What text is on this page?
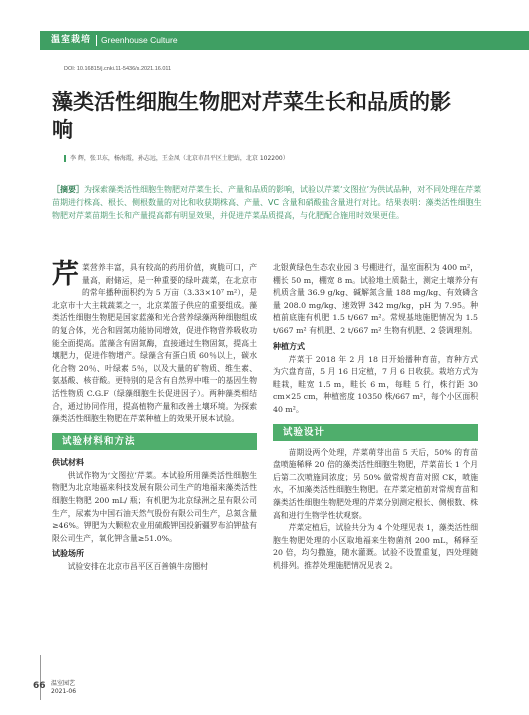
温室栽培 Greenhouse Culture
DOI: 10.16815/j.cnki.11-5436/s.2021.16.011
藻类活性细胞生物肥对芹菜生长和品质的影响
李 辉，张卫东，杨海霞，孙志远，王金凤（北京市昌平区土肥站，北京 102200）

［摘要］为探索藻类活性细胞生物肥对芹菜生长、产量和品质的影响，试验以芹菜‘文图拉’为供试品种，对不同处理在芹菜苗期进行株高、根长、侧根数量的对比和收获期株高、产量、VC 含量和硝酸盐含量进行对比。结果表明：藻类活性细胞生物肥对芹菜苗期生长和产量提高都有明显效果，并促进芹菜品质提高，与化肥配合施用时效果更佳。

芹菜营养丰富，具有较高的药用价值，爽脆可口，产量高，耐储运，是一种重要的绿叶蔬菜，在北京市的常年播种面积约为 5 万亩（3.33×10⁷ m²），是北京市十大主栽蔬菜之一，北京菜篮子供应的重要组成。藻类活性细胞生物肥是国家蓝藻和光合营养绿藻两种细胞组成的复合体，光合和固氮功能协同增效，促进作物营养吸收功能全面提高。蓝藻含有固氮酶，直接通过生物固氮，提高土壤肥力，促进作物增产。绿藻含有蛋白质 60％以上，碳水化合物 20％、叶绿素 5％，以及大量的矿物质、维生素、氨基酸、核苷酸。更特别的是含有自然界中唯一的基因生物活性物质 C.G.F（绿藻细胞生长促进因子）。两种藻类相结合，通过协同作用，提高植物产量和改善土壤环境。为探索藻类活性细胞生物肥在芹菜种植上的效果开展本试验。

试验材料和方法
供试材料

供试作物为‘文图拉’芹菜。本试验所用藻类活性细胞生物肥为北京地福来科技发展有限公司生产的地福来藻类活性细胞生物肥 200 mL/ 瓶；有机肥为北京绿洲之星有限公司生产，尿素为中国石油天然气股份有限公司生产，总氮含量≥46%。钾肥为大颗粒农业用硫酸钾国投新疆罗布泊钾盐有限公司生产，氧化钾含量≥51.0%。

试验场所

试验安排在北京市昌平区百善镇牛房圈村

北银黄绿色生态农业园 3 号棚进行，温室面积为 400 m²，棚长 50 m，棚宽 8 m。试验地土质黏土，测定土壤养分有机质含量 36.9 g/kg、碱解氮含量 188 mg/kg、有效磷含量 208.0 mg/kg、速效钾 342 mg/kg，pH 为 7.95。种植前底施有机肥 1.5 t/667 m²。常规基地施肥情况为 1.5 t/667 m² 有机肥、2 t/667 m² 生物有机肥、2 袋调理剂。

种植方式

芹菜于 2018 年 2 月 18 日开始播种育苗，育种方式为穴盘育苗，5 月 16 日定植，7 月 6 日收获。栽培方式为畦栽，畦宽 1.5 m，畦长 6 m，每畦 5 行，株行距 30 cm×25 cm，种植密度 10350 株/667 m²，每个小区面积 40 m²。

试验设计

苗期设两个处理，芹菜萌芽出苗 5 天后，50% 的育苗盘喷施稀释 20 倍的藻类活性细胞生物肥，芹菜苗长 1 个月后第二次喷施同浓度；另 50% 做常规育苗对照 CK，喷施水，不加藻类活性细胞生物肥。在芹菜定植前对常规育苗和藻类活性细胞生物肥处理的芹菜分别测定根长、侧根数、株高和进行生物学性状观察。

芹菜定植后，试验共分为 4 个处理见表 1，藻类活性细胞生物肥处理的小区取地福来生物菌剂 200 mL，稀释至 20 倍，均匀撒施，随水灌溉。试验不设置重复，四处理随机排列。推荐处理施肥情况见表 2。

66 温室园艺
2021-06
